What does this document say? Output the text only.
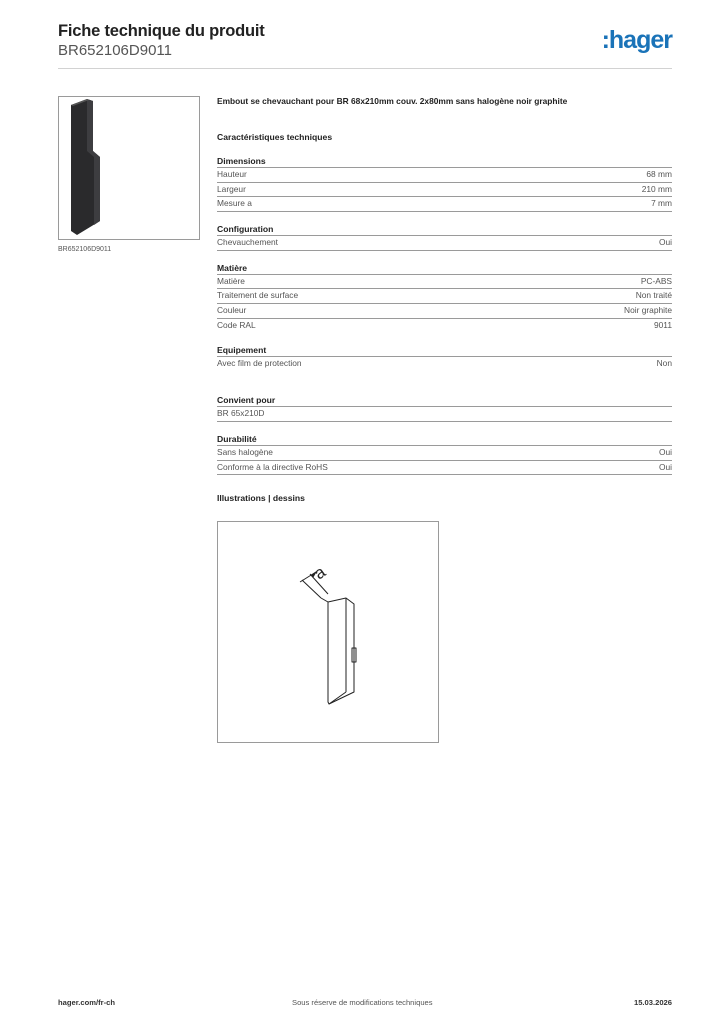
Fiche technique du produit
BR652106D9011	:hager
BR652106D9011
Embout se chevauchant pour BR 68x210mm couv. 2x80mm sans halogène noir graphite
Caractéristiques techniques
Dimensions
Hauteur	68 mm
Largeur	210 mm
Mesure a	7 mm
Configuration
Chevauchement	Oui
Matière
Matière	PC-ABS
Traitement de surface	Non traité
Couleur	Noir graphite
Code RAL	9011
Equipement
Avec film de protection	Non
Convient pour
BR 65x210D
Durabilité
Sans halogène	Oui
Conforme à la directive RoHS	Oui
Illustrations | dessins
a
hager.com/fr-ch	Sous réserve de modifications techniques	15.03.2026
